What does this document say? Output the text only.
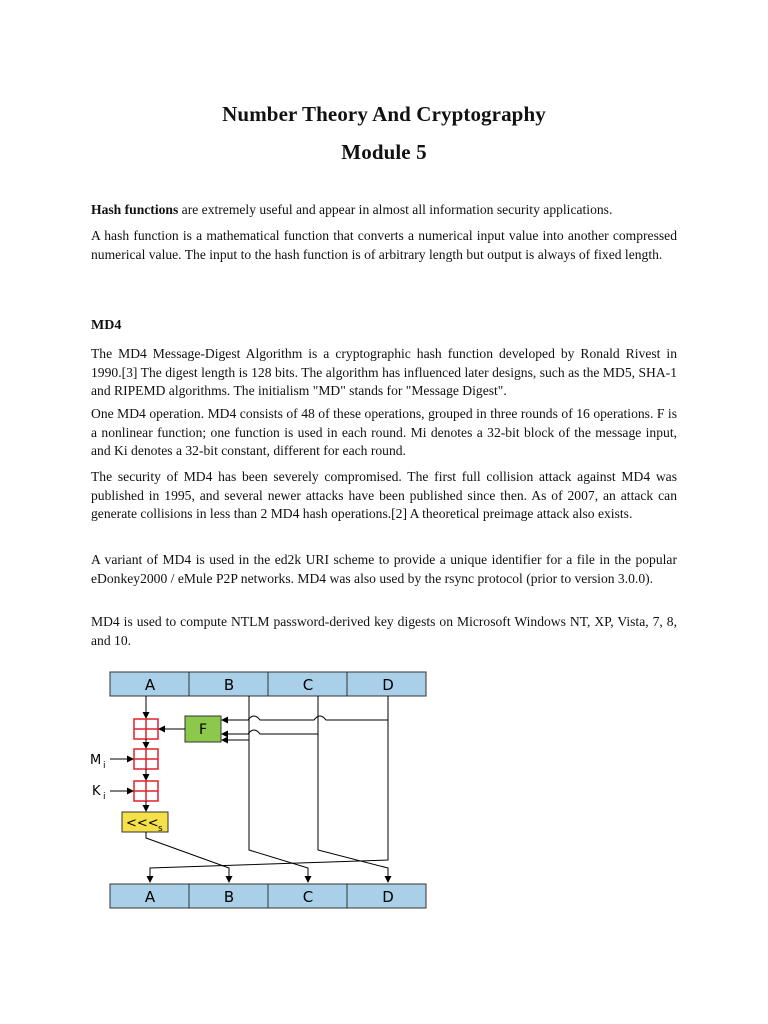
Number Theory And Cryptography
Module 5
Hash functions are extremely useful and appear in almost all information security applications.
A hash function is a mathematical function that converts a numerical input value into another compressed numerical value. The input to the hash function is of arbitrary length but output is always of fixed length.
MD4
The MD4 Message-Digest Algorithm is a cryptographic hash function developed by Ronald Rivest in 1990.[3] The digest length is 128 bits. The algorithm has influenced later designs, such as the MD5, SHA-1 and RIPEMD algorithms. The initialism "MD" stands for "Message Digest".
One MD4 operation. MD4 consists of 48 of these operations, grouped in three rounds of 16 operations. F is a nonlinear function; one function is used in each round. Mi denotes a 32-bit block of the message input, and Ki denotes a 32-bit constant, different for each round.
The security of MD4 has been severely compromised. The first full collision attack against MD4 was published in 1995, and several newer attacks have been published since then. As of 2007, an attack can generate collisions in less than 2 MD4 hash operations.[2] A theoretical preimage attack also exists.
A variant of MD4 is used in the ed2k URI scheme to provide a unique identifier for a file in the popular eDonkey2000 / eMule P2P networks. MD4 was also used by the rsync protocol (prior to version 3.0.0).
MD4 is used to compute NTLM password-derived key digests on Microsoft Windows NT, XP, Vista, 7, 8, and 10.
A	B	C	D
<<< s
F
M i
K i
A	B	C	D
